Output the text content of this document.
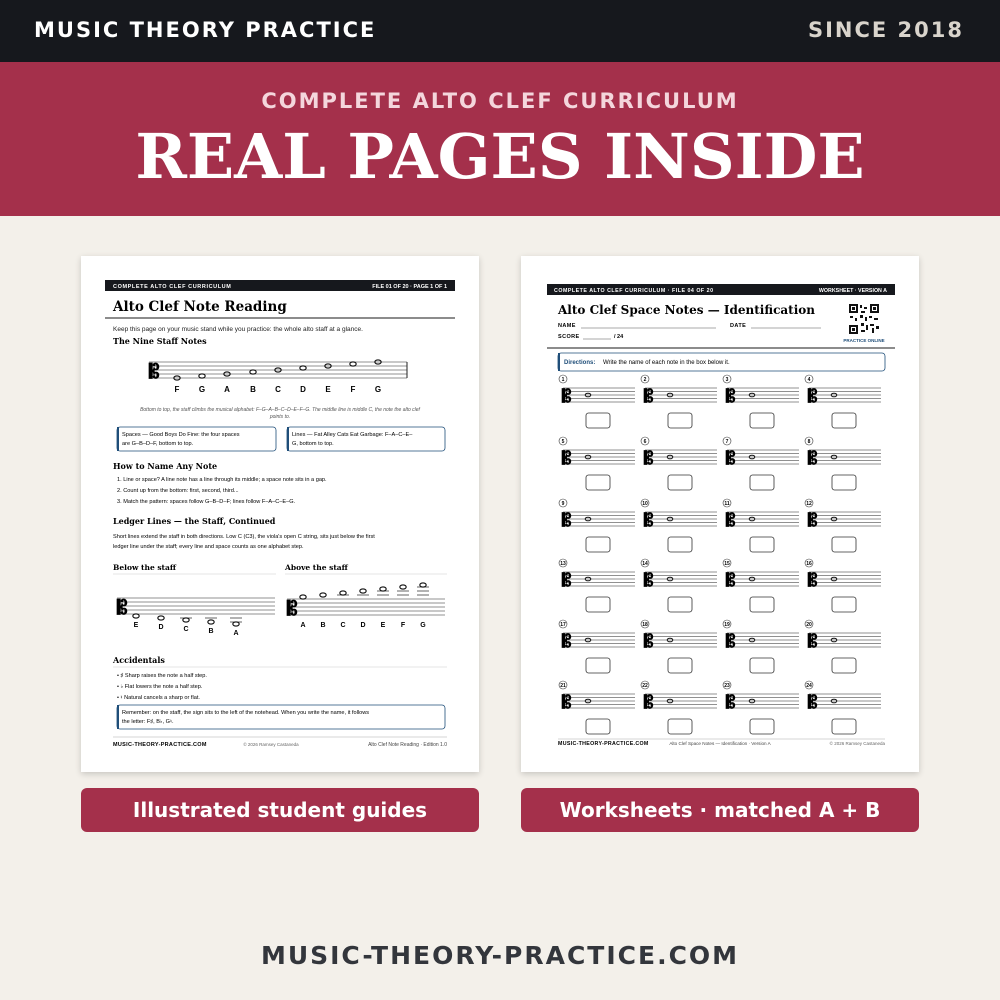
MUSIC THEORY PRACTICE	SINCE 2018
COMPLETE ALTO CLEF CURRICULUM
REAL PAGES INSIDE
COMPLETE ALTO CLEF CURRICULUM	FILE 01 OF 20 · PAGE 1 OF 1
Alto Clef Note Reading
Keep this page on your music stand while you practice: the whole alto staff at a glance.
The Nine Staff Notes
𝄡
F G A	B C D E F G
Bottom to top, the staff climbs the musical alphabet: F–G–A–B–C–D–E–F–G. The middle line is middle C, the note the alto clef
points to.
Spaces — Good Boys Do Fine: the four spaces
are G–B–D–F, bottom to top.
Lines — Fat Alley Cats Eat Garbage: F–A–C–E–
G, bottom to top.
How to Name Any Note
1. Line or space? A line note has a line through its middle; a space note sits in a gap.
2. Count up from the bottom: first, second, third...
3. Match the pattern: spaces follow G–B–D–F; lines follow F–A–C–E–G.
Ledger Lines — the Staff, Continued
Short lines extend the staff in both directions. Low C (C3), the viola's open C string, sits just below the first
ledger line under the staff; every line and space counts as one alphabet step.
Below the staff	Above the staff
𝄡
E	D	C	B	A
𝄡
A B C D E F G
Accidentals
• ♯ Sharp raises the note a half step.
• ♭ Flat lowers the note a half step.
• ♮ Natural cancels a sharp or flat.
Remember: on the staff, the sign sits to the left of the notehead. When you write the name, it follows
the letter: F♯, B♭, G♮.
MUSIC-THEORY-PRACTICE.COM	© 2026 Ramsey Castaneda	Alto Clef Note Reading · Edition 1.0
𝄡
COMPLETE ALTO CLEF CURRICULUM · FILE 04 OF 20	WORKSHEET · VERSION A
Alto Clef Space Notes — Identification
NAME	DATE
SCORE	/ 24
PRACTICE ONLINE
Directions: Write the name of each note in the box below it.
1	2	3	4
5	6	7	8
9	10	11	12
13	14	15	16
17	18	19	20
21	22	23	24
MUSIC-THEORY-PRACTICE.COM	Alto Clef Space Notes — Identification · Version A	© 2026 Ramsey Castaneda
Illustrated student guides	Worksheets · matched A + B
MUSIC-THEORY-PRACTICE.COM
